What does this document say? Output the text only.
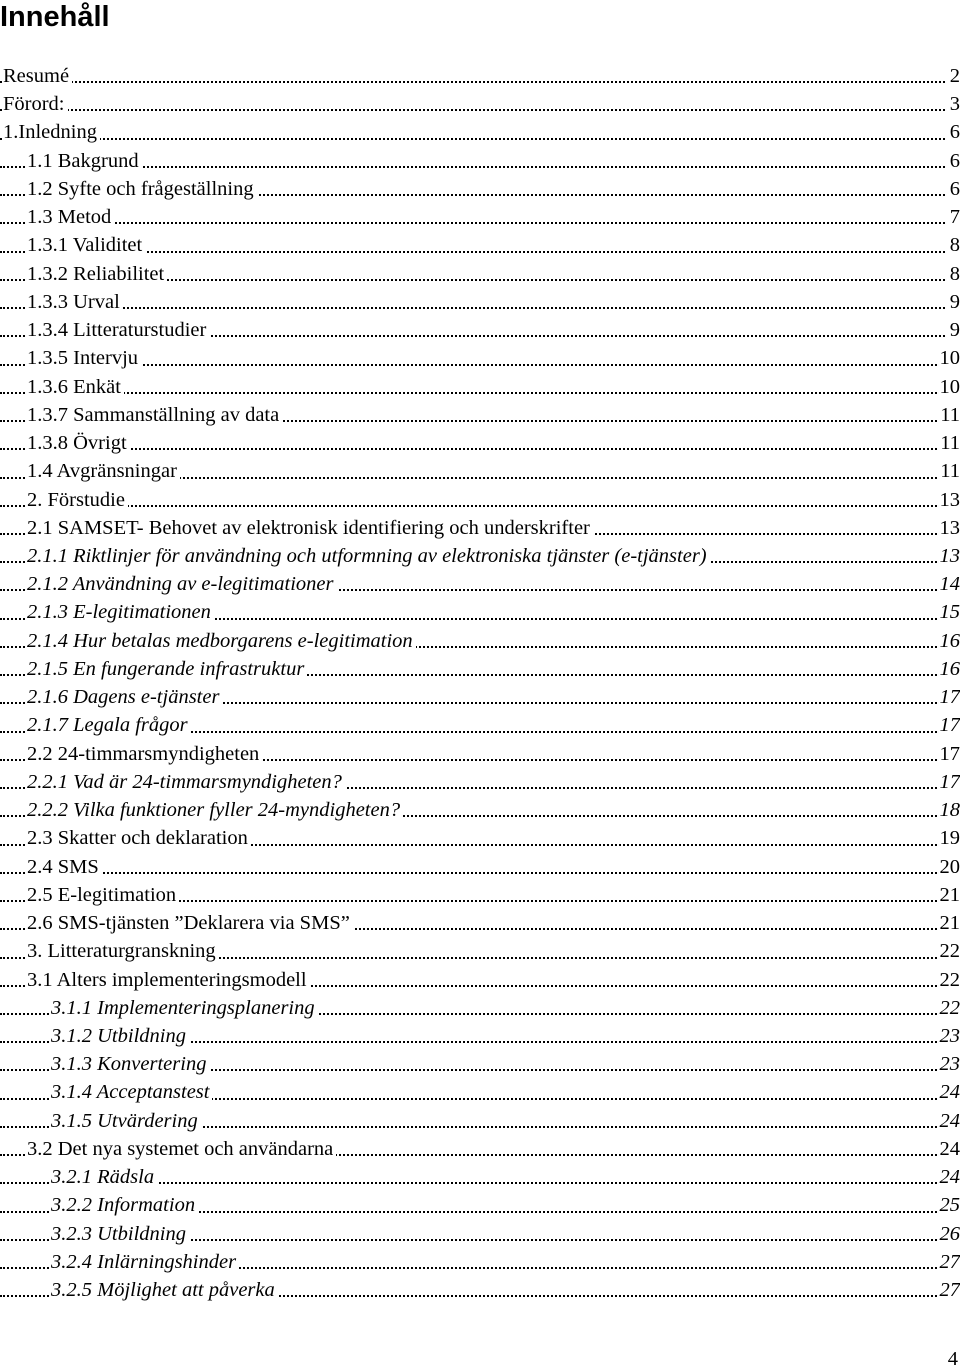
Innehåll
Resumé	2
Förord:	3
1.Inledning	6
1.1 Bakgrund	6
1.2 Syfte och frågeställning	6
1.3 Metod	7
1.3.1 Validitet	8
1.3.2 Reliabilitet	8
1.3.3 Urval	9
1.3.4 Litteraturstudier	9
1.3.5 Intervju	10
1.3.6 Enkät	10
1.3.7 Sammanställning av data	11
1.3.8 Övrigt	11
1.4 Avgränsningar	11
2. Förstudie	13
2.1 SAMSET- Behovet av elektronisk identifiering och underskrifter	13
2.1.1 Riktlinjer för användning och utformning av elektroniska tjänster (e-tjänster)	13
2.1.2 Användning av e-legitimationer	14
2.1.3 E-legitimationen	15
2.1.4 Hur betalas medborgarens e-legitimation	16
2.1.5 En fungerande infrastruktur	16
2.1.6 Dagens e-tjänster	17
2.1.7 Legala frågor	17
2.2 24-timmarsmyndigheten	17
2.2.1 Vad är 24-timmarsmyndigheten?	17
2.2.2 Vilka funktioner fyller 24-myndigheten?	18
2.3 Skatter och deklaration	19
2.4 SMS	20
2.5 E-legitimation	21
2.6 SMS-tjänsten ”Deklarera via SMS”	21
3. Litteraturgranskning	22
3.1 Alters implementeringsmodell	22
3.1.1 Implementeringsplanering	22
3.1.2 Utbildning	23
3.1.3 Konvertering	23
3.1.4 Acceptanstest	24
3.1.5 Utvärdering	24
3.2 Det nya systemet och användarna	24
3.2.1 Rädsla	24
3.2.2 Information	25
3.2.3 Utbildning	26
3.2.4 Inlärningshinder	27
3.2.5 Möjlighet att påverka	27
4
